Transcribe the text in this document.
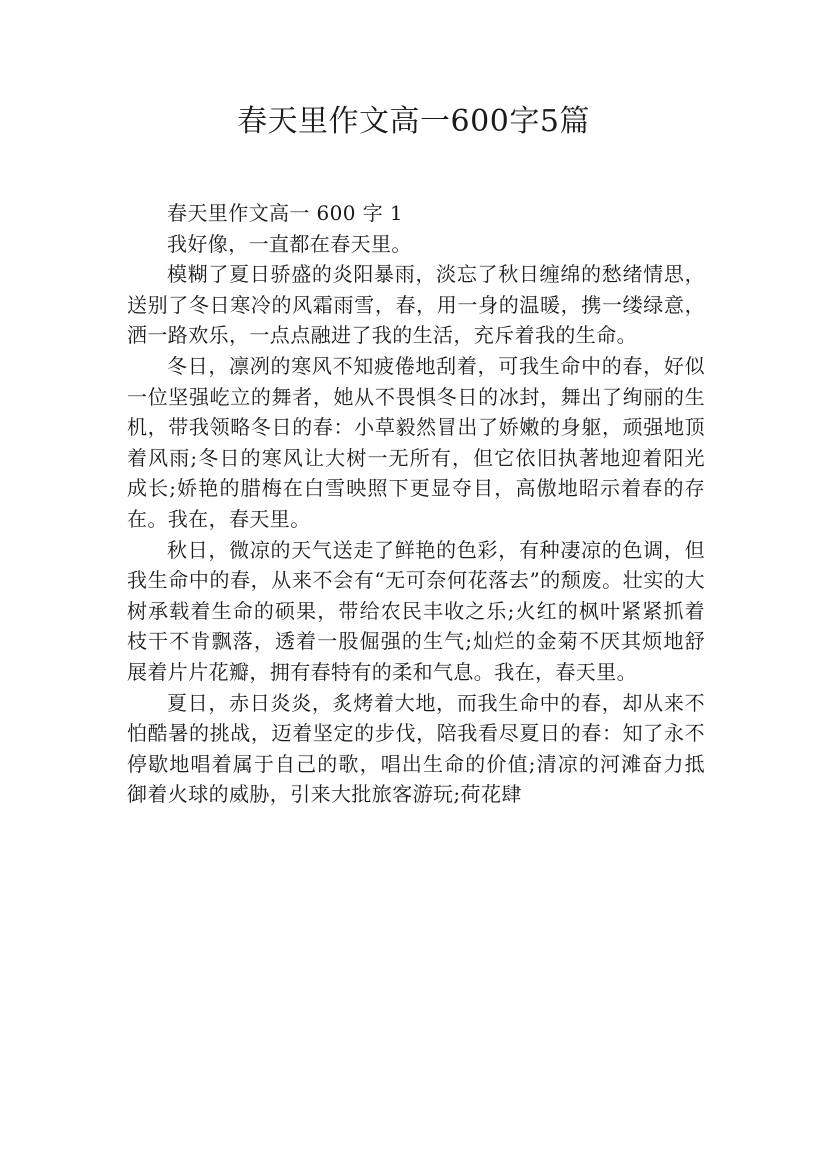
春天里作文高一600字5篇

春天里作文高一 600 字 1

我好像，一直都在春天里。

模糊了夏日骄盛的炎阳暴雨，淡忘了秋日缠绵的愁绪情思，送别了冬日寒冷的风霜雨雪，春，用一身的温暖，携一缕绿意，洒一路欢乐，一点点融进了我的生活，充斥着我的生命。

冬日，凛冽的寒风不知疲倦地刮着，可我生命中的春，好似一位坚强屹立的舞者，她从不畏惧冬日的冰封，舞出了绚丽的生机，带我领略冬日的春：小草毅然冒出了娇嫩的身躯，顽强地顶着风雨;冬日的寒风让大树一无所有，但它依旧执著地迎着阳光成长;娇艳的腊梅在白雪映照下更显夺目，高傲地昭示着春的存在。我在，春天里。

秋日，微凉的天气送走了鲜艳的色彩，有种凄凉的色调，但我生命中的春，从来不会有“无可奈何花落去”的颓废。壮实的大树承载着生命的硕果，带给农民丰收之乐;火红的枫叶紧紧抓着枝干不肯飘落，透着一股倔强的生气;灿烂的金菊不厌其烦地舒展着片片花瓣，拥有春特有的柔和气息。我在，春天里。

夏日，赤日炎炎，炙烤着大地，而我生命中的春，却从来不怕酷暑的挑战，迈着坚定的步伐，陪我看尽夏日的春：知了永不停歇地唱着属于自己的歌，唱出生命的价值;清凉的河滩奋力抵御着火球的威胁，引来大批旅客游玩;荷花肆
